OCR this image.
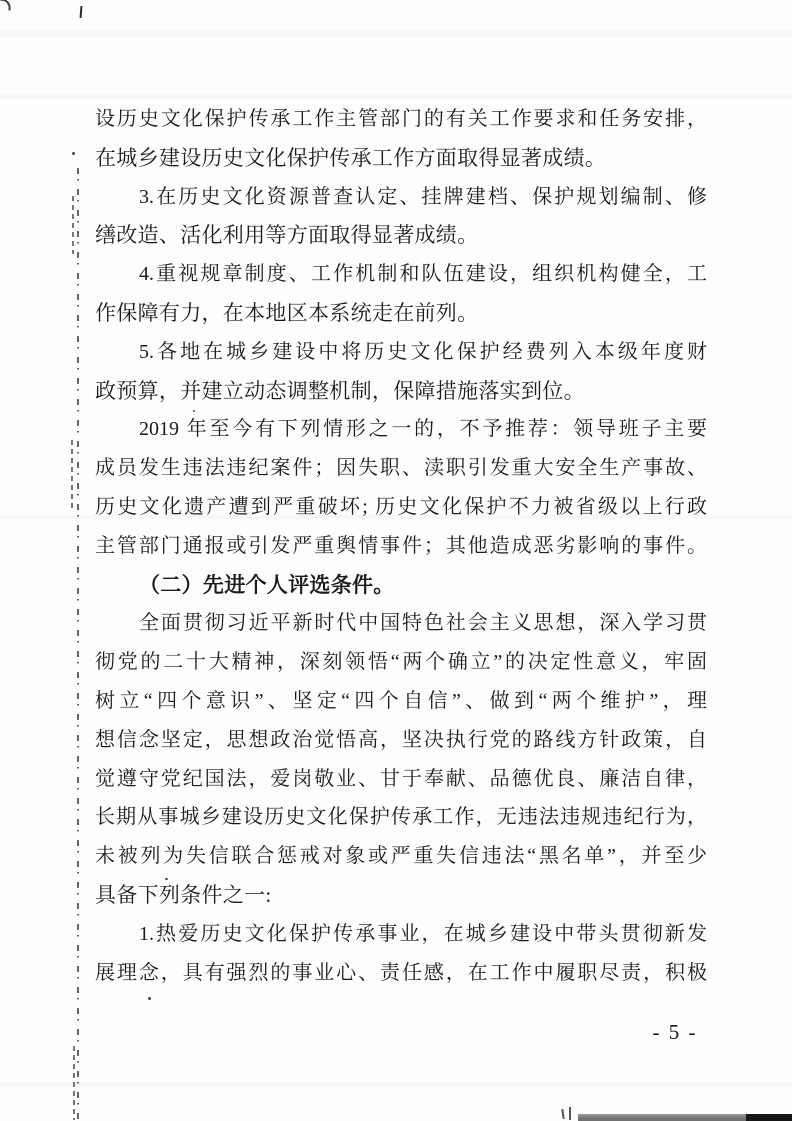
设历史文化保护传承工作主管部门的有关工作要求和任务安排，
在城乡建设历史文化保护传承工作方面取得显著成绩。
3.在历史文化资源普查认定、挂牌建档、保护规划编制、修
缮改造、活化利用等方面取得显著成绩。
4.重视规章制度、工作机制和队伍建设，组织机构健全，工
作保障有力，在本地区本系统走在前列。
5.各地在城乡建设中将历史文化保护经费列入本级年度财
政预算，并建立动态调整机制，保障措施落实到位。
2019 年至今有下列情形之一的，不予推荐：领导班子主要
成员发生违法违纪案件；因失职、渎职引发重大安全生产事故、
历史文化遗产遭到严重破坏; 历史文化保护不力被省级以上行政
主管部门通报或引发严重舆情事件；其他造成恶劣影响的事件。
（二）先进个人评选条件。
全面贯彻习近平新时代中国特色社会主义思想，深入学习贯
彻党的二十大精神，深刻领悟“两个确立”的决定性意义，牢固
树立“四个意识”、坚定“四个自信”、做到“两个维护”，理
想信念坚定，思想政治觉悟高，坚决执行党的路线方针政策，自
觉遵守党纪国法，爱岗敬业、甘于奉献、品德优良、廉洁自律，
长期从事城乡建设历史文化保护传承工作，无违法违规违纪行为，
未被列为失信联合惩戒对象或严重失信违法“黑名单”，并至少
具备下列条件之一:
1.热爱历史文化保护传承事业，在城乡建设中带头贯彻新发
展理念，具有强烈的事业心、责任感，在工作中履职尽责，积极
- 5 -
